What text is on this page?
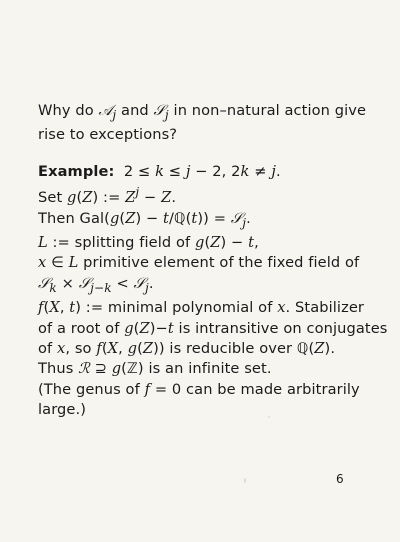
Why do 𝒜$_j$ and 𝒮$_j$ in non–natural action give
rise to exceptions?
Example:  2 ≤ k ≤ j − 2, 2k ≠ j.
Set g(Z) := $Z^j - Z$.
Then Gal(g(Z) − t/ℚ(t)) = 𝒮$_j$.
L := splitting field of g(Z) − t,
x ∈ L primitive element of the fixed field of
𝒮$_k$ × 𝒮$_{j-k}$ < 𝒮$_j$.
f(X, t) := minimal polynomial of x. Stabilizer
of a root of g(Z)−t is intransitive on conjugates
of x, so f(X, g(Z)) is reducible over ℚ(Z).
Thus ℛ ⊇ g(ℤ) is an infinite set.
(The genus of f = 0 can be made arbitrarily
large.)
6
